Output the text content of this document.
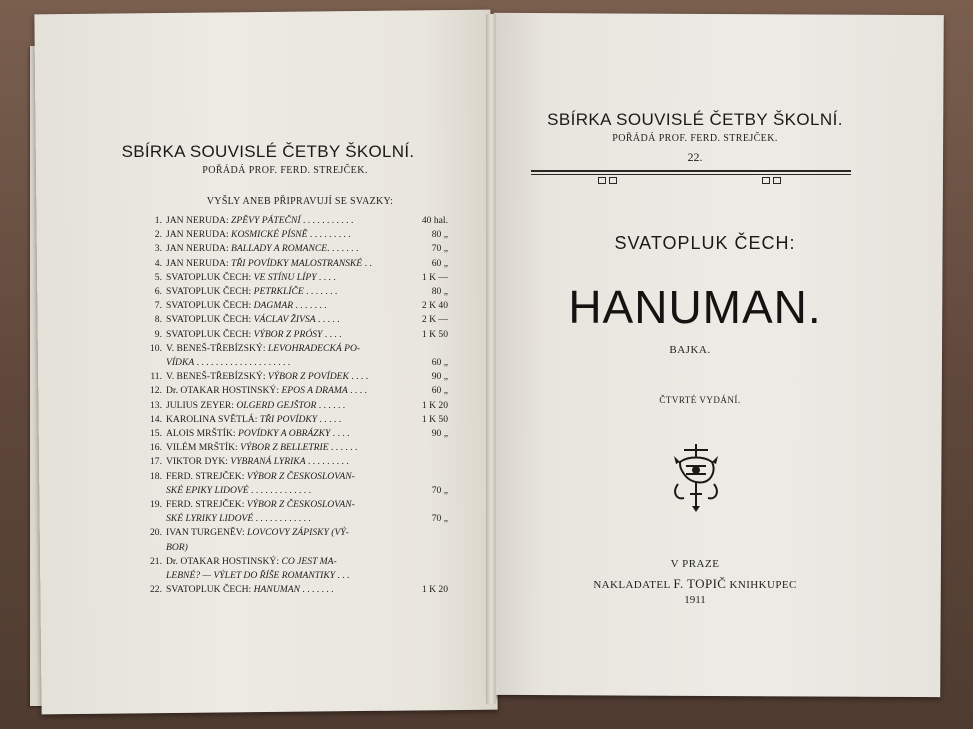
SBÍRKA SOUVISLÉ ČETBY ŠKOLNÍ.
POŘÁDÁ PROF. FERD. STREJČEK.
VYŠLY ANEB PŘIPRAVUJÍ SE SVAZKY:
1. JAN NERUDA: ZPĚVY PÁTEČNÍ . . . . . . . . . . .	40 hal.
2. JAN NERUDA: KOSMICKÉ PÍSNĚ . . . . . . . . .	80 „
3. JAN NERUDA: BALLADY A ROMANCE. . . . . . .	70 „
4. JAN NERUDA: TŘI POVÍDKY MALOSTRANSKÉ . .	60 „
5. SVATOPLUK ČECH: VE STÍNU LÍPY . . . .	1 K —
6. SVATOPLUK ČECH: PETRKLÍČE . . . . . . .	80 „
7. SVATOPLUK ČECH: DAGMAR . . . . . . .	2 K 40
8. SVATOPLUK ČECH: VÁCLAV ŽIVSA . . . . .	2 K —
9. SVATOPLUK ČECH: VÝBOR Z PRÓSY . . . .	1 K 50
10. V. BENEŠ-TŘEBÍZSKÝ: LEVOHRADECKÁ PO-
VÍDKA . . . . . . . . . . . . . . . . . . . .	60 „
11. V. BENEŠ-TŘEBÍZSKÝ: VÝBOR Z POVÍDEK . . . .	90 „
12. Dr. OTAKAR HOSTINSKÝ: EPOS A DRAMA . . . .	60 „
13. JULIUS ZEYER: OLGERD GEJŠTOR . . . . . .	1 K 20
14. KAROLINA SVĚTLÁ: TŘI POVÍDKY . . . . .	1 K 50
15. ALOIS MRŠTÍK: POVÍDKY A OBRÁZKY . . . .	90 „
16. VILÉM MRŠTÍK: VÝBOR Z BELLETRIE . . . . . .
17. VIKTOR DYK: VYBRANÁ LYRIKA . . . . . . . . .
18. FERD. STREJČEK: VÝBOR Z ČESKOSLOVAN-
SKÉ EPIKY LIDOVÉ . . . . . . . . . . . . .	70 „
19. FERD. STREJČEK: VÝBOR Z ČESKOSLOVAN-
SKÉ LYRIKY LIDOVÉ . . . . . . . . . . . .	70 „
20. IVAN TURGENĚV: LOVCOVY ZÁPISKY (VÝ-
BOR)
21. Dr. OTAKAR HOSTINSKÝ: CO JEST MA-
LEBNÉ? — VÝLET DO ŘÍŠE ROMANTIKY . . .
22. SVATOPLUK ČECH: HANUMAN . . . . . . .	1 K 20
SBÍRKA SOUVISLÉ ČETBY ŠKOLNÍ.
POŘÁDÁ PROF. FERD. STREJČEK.
22.
SVATOPLUK ČECH:
HANUMAN.
BAJKA.
ČTVRTÉ VYDÁNÍ.
V PRAZE
NAKLADATEL F. TOPIČ KNIHKUPEC
1911
